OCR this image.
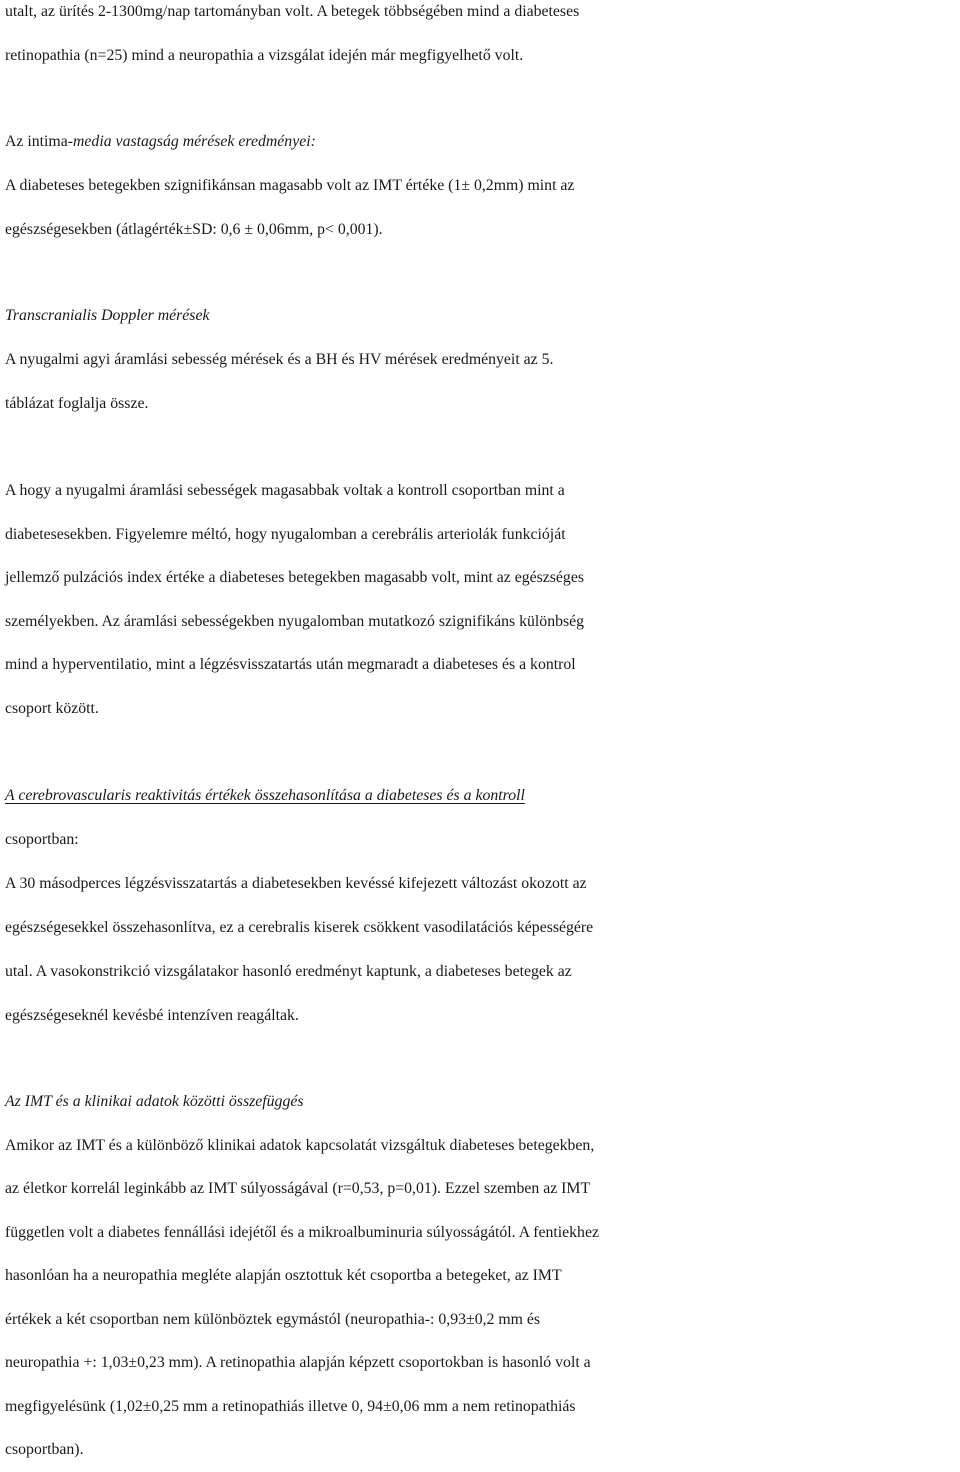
utalt, az ürítés 2-1300mg/nap tartományban volt. A betegek többségében mind a diabeteses
retinopathia (n=25) mind a neuropathia a vizsgálat idején már megfigyelhető volt.
Az intima-media vastagság mérések eredményei:
A diabeteses betegekben szignifikánsan magasabb volt az IMT értéke (1± 0,2mm) mint az
egészségesekben (átlagérték±SD: 0,6 ± 0,06mm, p< 0,001).
Transcranialis Doppler mérések
A nyugalmi agyi áramlási sebesség mérések és a BH és HV mérések eredményeit az 5.
táblázat foglalja össze.
A hogy a nyugalmi áramlási sebességek magasabbak voltak a kontroll csoportban mint a
diabetesesekben. Figyelemre méltó, hogy nyugalomban a cerebrális arteriolák funkcióját
jellemző pulzációs index értéke a diabeteses betegekben magasabb volt, mint az egészséges
személyekben. Az áramlási sebességekben nyugalomban mutatkozó szignifikáns különbség
mind a hyperventilatio, mint a légzésvisszatartás után megmaradt a diabeteses és a kontrol
csoport között.
A cerebrovascularis reaktivitás értékek összehasonlítása a diabeteses és a kontroll
csoportban:
A 30 másodperces légzésvisszatartás a diabetesekben kevéssé kifejezett változást okozott az
egészségesekkel összehasonlítva, ez a cerebralis kiserek csökkent vasodilatációs képességére
utal. A vasokonstrikció vizsgálatakor hasonló eredményt kaptunk, a diabeteses betegek az
egészségeseknél kevésbé intenzíven reagáltak.
Az IMT és a klinikai adatok közötti összefüggés
Amikor az IMT és a különböző klinikai adatok kapcsolatát vizsgáltuk diabeteses betegekben,
az életkor korrelál leginkább az IMT súlyosságával (r=0,53, p=0,01). Ezzel szemben az IMT
független volt a diabetes fennállási idejétől és a mikroalbuminuria súlyosságától. A fentiekhez
hasonlóan ha a neuropathia megléte alapján osztottuk két csoportba a betegeket, az IMT
értékek a két csoportban nem különböztek egymástól (neuropathia-: 0,93±0,2 mm és
neuropathia +: 1,03±0,23 mm). A retinopathia alapján képzett csoportokban is hasonló volt a
megfigyelésünk (1,02±0,25 mm a retinopathiás illetve 0, 94±0,06 mm a nem retinopathiás
csoportban).
